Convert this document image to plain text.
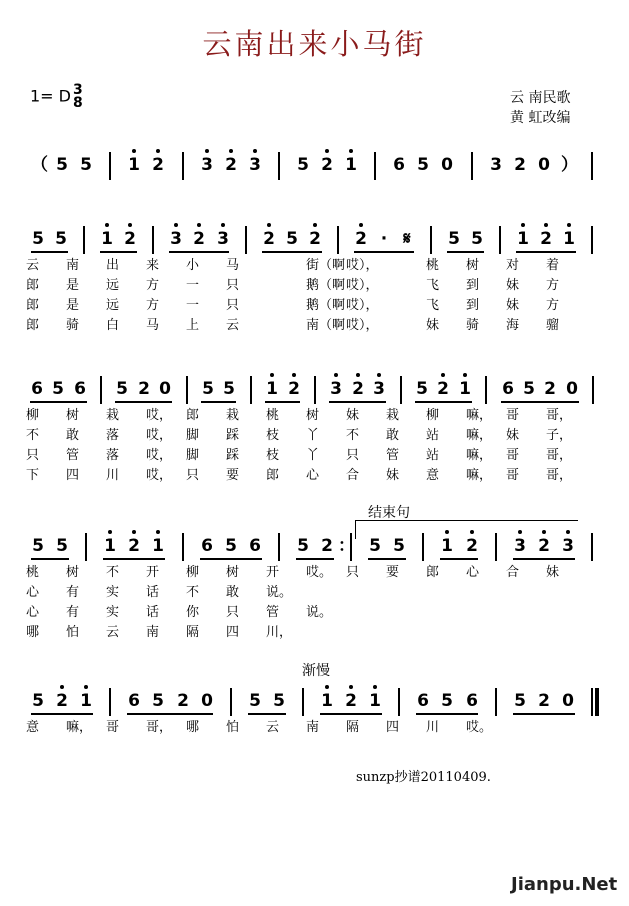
云南出来小马街
1= D 3
8	云 南民歌
黄 虹改编
结束句
渐慢
（ 5 5 1 2 3 2 3 5 2 1 6 5 0 3 2 0 ）
5 5 1 2 3 2 3 2 5 2 2 · 𝄋 5 5 1 2 1
云 南 出 来 小 马	街（啊 哎），	桃 树 对 着
郎 是 远 方 一 只	鹅（啊 哎），	飞 到 妹 方
郎 是 远 方 一 只	鹅（啊 哎），	飞 到 妹 方
郎 骑 白 马 上 云	南（啊 哎），	妹 骑 海 骝
6 5 6 5 2 0 5 5 1 2 3 2 3 5 2 1 6 5 2 0
柳 树 栽 哎， 郎 栽 桃 树 妹 栽 柳 嘛， 哥 哥，
不 敢 落 哎， 脚 踩 枝 丫 不 敢 站 嘛， 妹 子，
只 管 落 哎， 脚 踩 枝 丫 只 管 站 嘛， 哥 哥，
下 四 川 哎， 只 要 郎 心 合 妹 意 嘛， 哥 哥，
5 5 1 2 1 6 5 6 5 2 ： 5 5 1 2 3 2 3
桃 树 不 开 柳 树 开 哎。 只 要 郎 心 合 妹
心 有 实 话 不 敢 说。
心 有 实 话 你 只 管 说。
哪 怕 云 南 隔 四 川，
5 2 1 6 5 2 0 5 5 1 2 1 6 5 6 5 2 0
意 嘛， 哥 哥， 哪 怕 云 南 隔 四 川 哎。
sunzp抄谱20110409.
Jianpu.Net
